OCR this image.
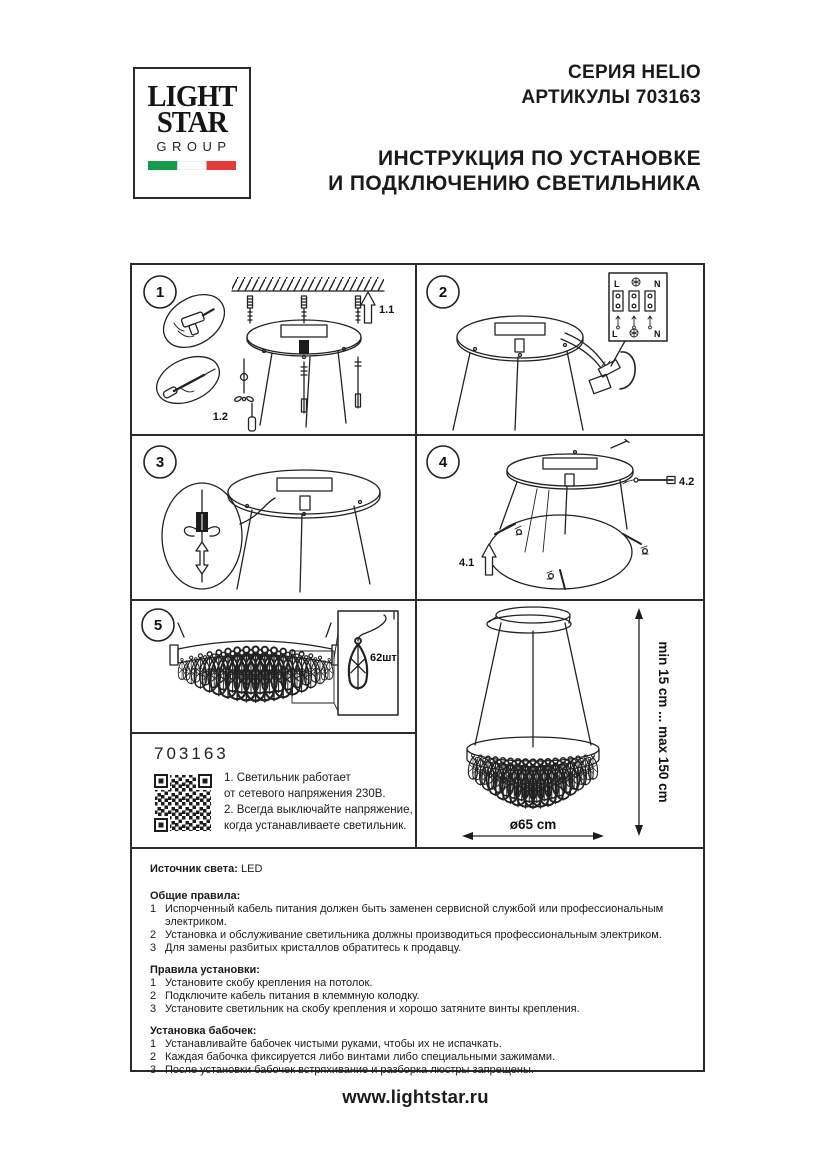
LIGHT
STAR
GROUP
СЕРИЯ HELIO
АРТИКУЛЫ 703163
ИНСТРУКЦИЯ ПО УСТАНОВКЕ
И ПОДКЛЮЧЕНИЮ СВЕТИЛЬНИКА
1
1.1
1.2
2	L	N
L	N
3	4
4.1
4.2
5
62шт
703163
1. Светильник работает
от сетевого напряжения 230В.
2. Всегда выключайте напряжение,
когда устанавливаете светильник.
min 15 cm ... max 150 cm
ø65 cm
Источник света: LED
Общие правила:
1 Испорченный кабель питания должен быть заменен сервисной службой или профессиональным электриком.
2 Установка и обслуживание светильника должны производиться профессиональным электриком.
3 Для замены разбитых кристаллов обратитесь к продавцу.
Правила установки:
1 Установите скобу крепления на потолок.
2 Подключите кабель питания в клеммную колодку.
3 Установите светильник на скобу крепления и хорошо затяните винты крепления.
Установка бабочек:
1 Устанавливайте бабочек чистыми руками, чтобы их не испачкать.
2 Каждая бабочка фиксируется либо винтами либо специальными зажимами.
3 После установки бабочек встряхивание и разборка люстры запрещены.
www.lightstar.ru
